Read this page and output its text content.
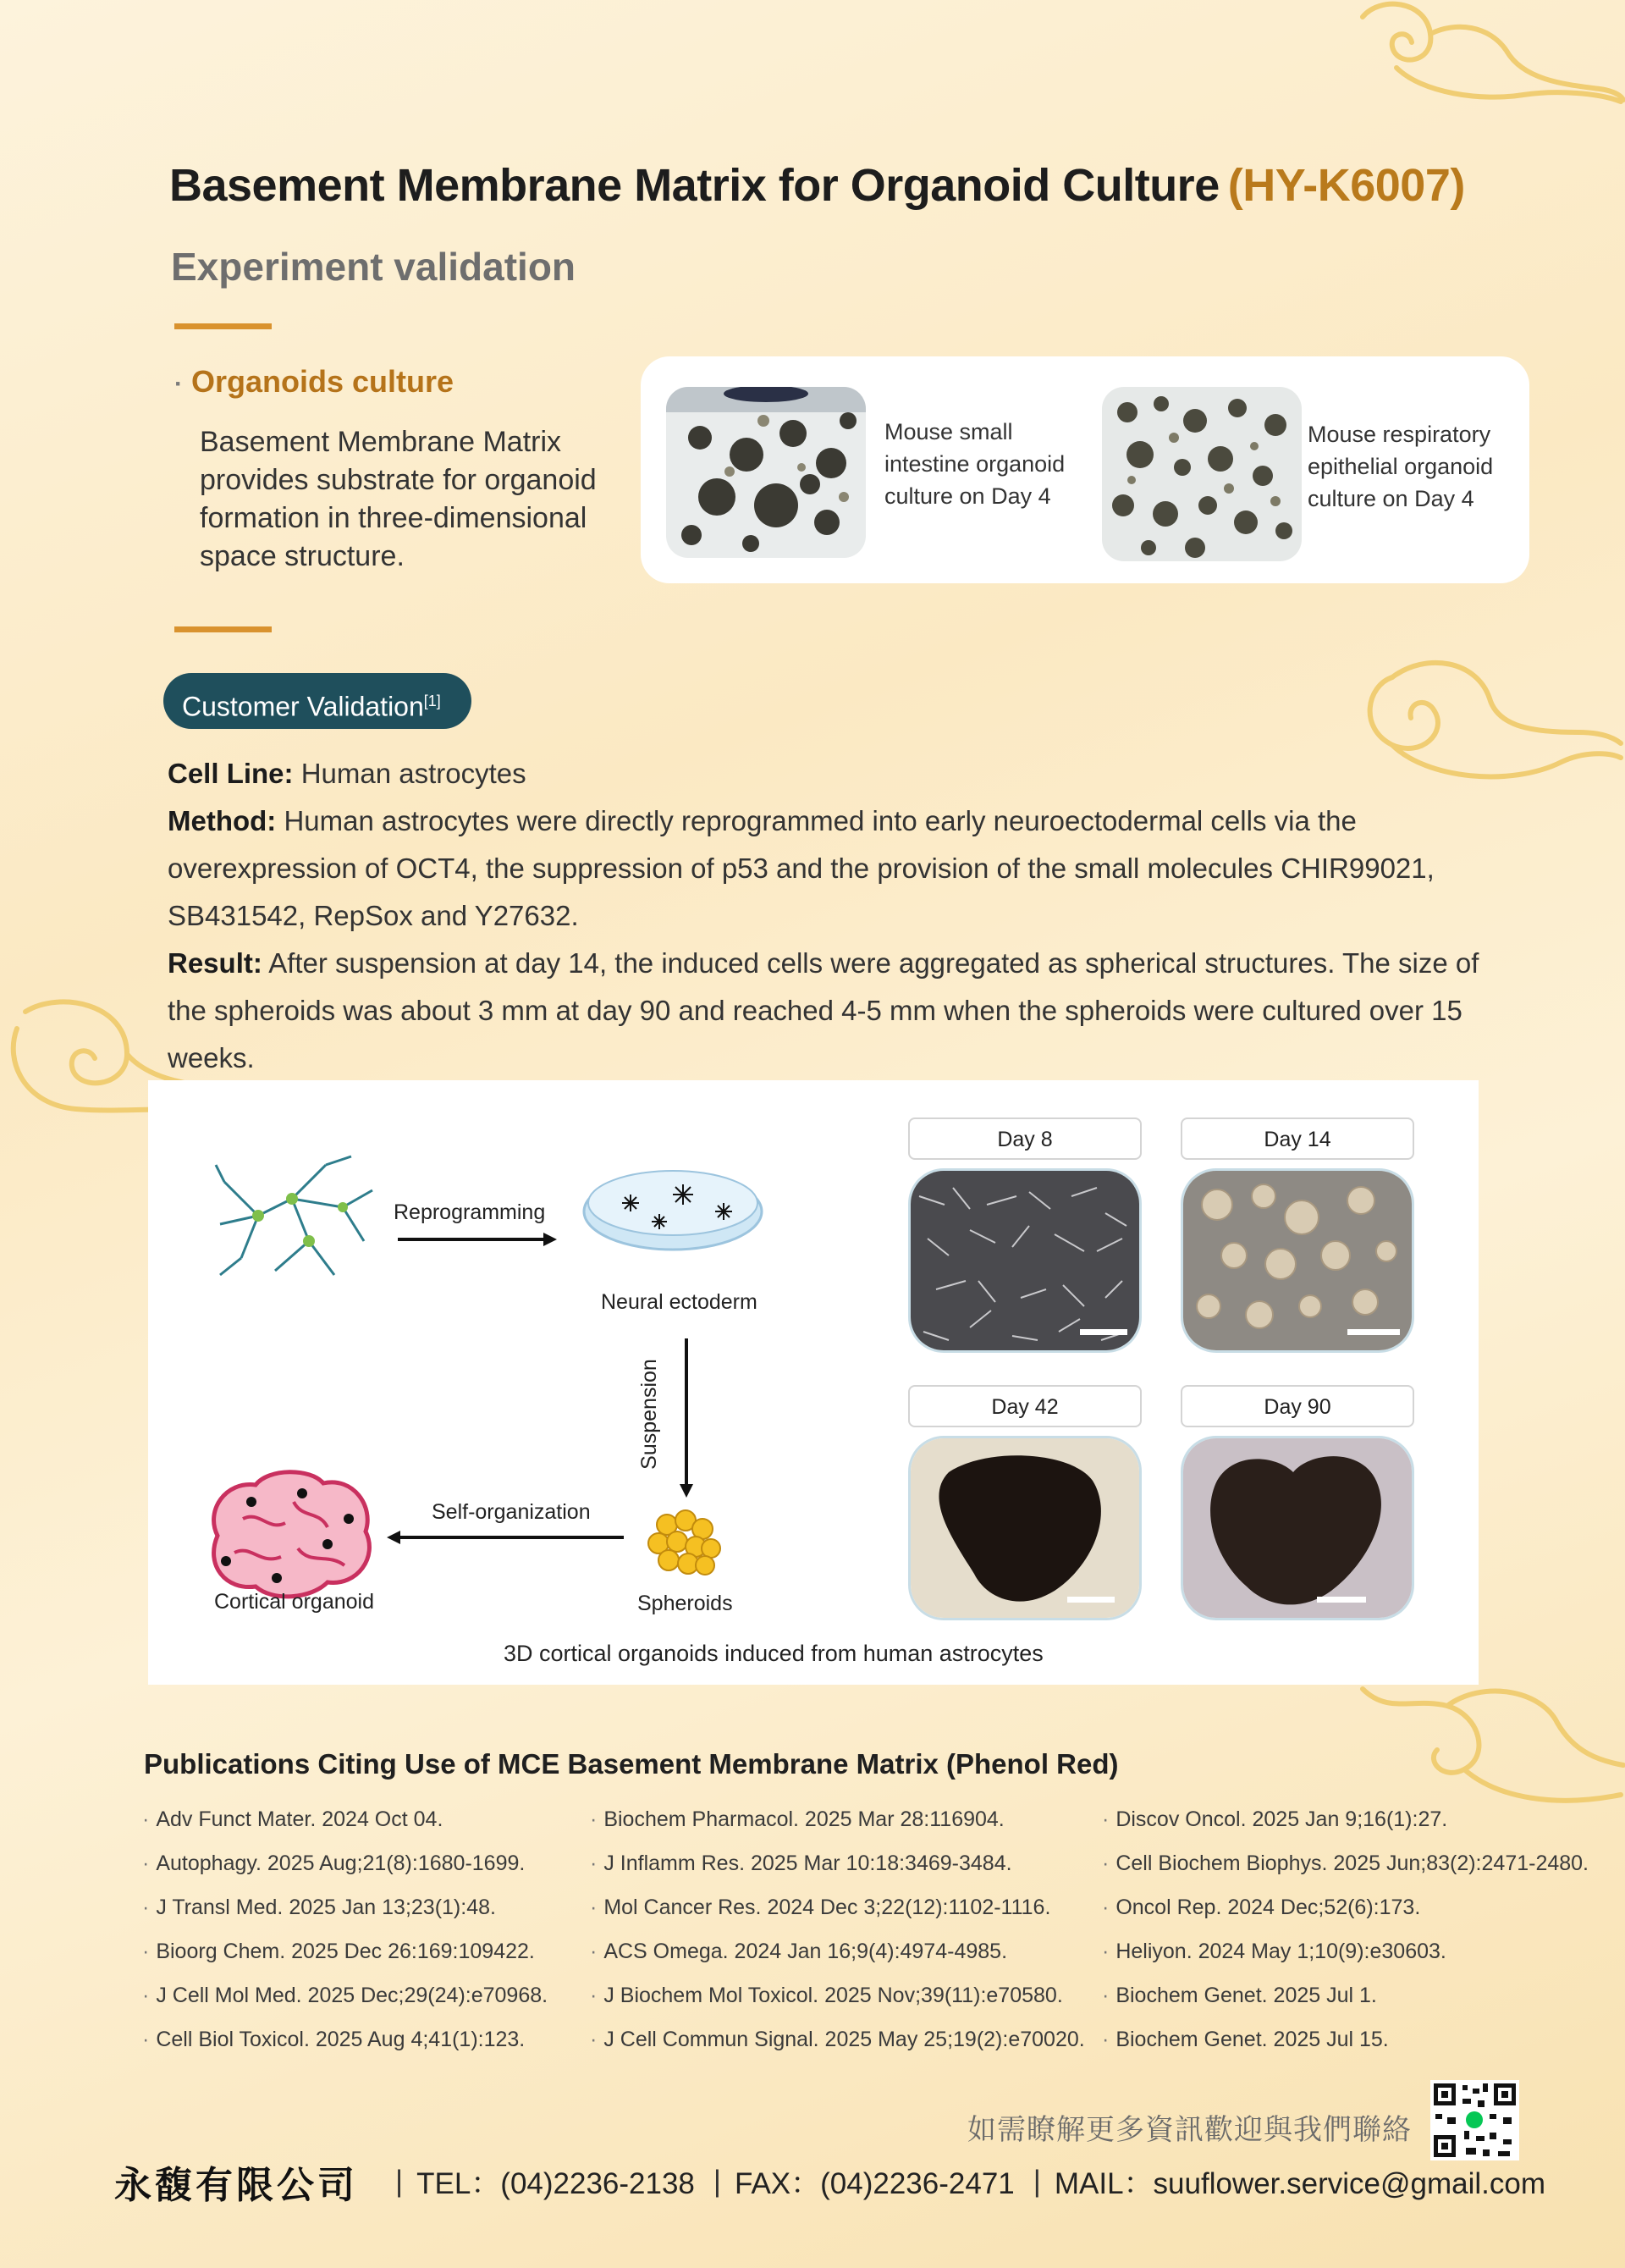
Basement Membrane Matrix for Organoid Culture (HY-K6007)
Experiment validation
· Organoids culture
Basement Membrane Matrix provides substrate for organoid formation in three-dimensional space structure.
Mouse small
intestine organoid
culture on Day 4
Mouse respiratory
epithelial organoid
culture on Day 4
Customer Validation[1]
Cell Line: Human astrocytes
Method: Human astrocytes were directly reprogrammed into early neuroectodermal cells via the overexpression of OCT4, the suppression of p53 and the provision of the small molecules CHIR99021, SB431542, RepSox and Y27632.
Result: After suspension at day 14, the induced cells were aggregated as spherical structures. The size of the spheroids was about 3 mm at day 90 and reached 4-5 mm when the spheroids were cultured over 15 weeks.
Reprogramming
Neural ectoderm
Suspension
Spheroids
Self-organization
Cortical organoid
Day 8	Day 14
Day 42	Day 90
3D cortical organoids induced from human astrocytes
Publications Citing Use of MCE Basement Membrane Matrix (Phenol Red)
· Adv Funct Mater. 2024 Oct 04.
· Autophagy. 2025 Aug;21(8):1680-1699.
· J Transl Med. 2025 Jan 13;23(1):48.
· Bioorg Chem. 2025 Dec 26:169:109422.
· J Cell Mol Med. 2025 Dec;29(24):e70968.
· Cell Biol Toxicol. 2025 Aug 4;41(1):123.
· Biochem Pharmacol. 2025 Mar 28:116904.
· J Inflamm Res. 2025 Mar 10:18:3469-3484.
· Mol Cancer Res. 2024 Dec 3;22(12):1102-1116.
· ACS Omega. 2024 Jan 16;9(4):4974-4985.
· J Biochem Mol Toxicol. 2025 Nov;39(11):e70580.
· J Cell Commun Signal. 2025 May 25;19(2):e70020.
· Discov Oncol. 2025 Jan 9;16(1):27.
· Cell Biochem Biophys. 2025 Jun;83(2):2471-2480.
· Oncol Rep. 2024 Dec;52(6):173.
· Heliyon. 2024 May 1;10(9):e30603.
· Biochem Genet. 2025 Jul 1.
· Biochem Genet. 2025 Jul 15.
如需瞭解更多資訊歡迎與我們聯絡
永馥有限公司 | TEL：(04)2236-2138 | FAX：(04)2236-2471 | MAIL：suuflower.service@gmail.com
